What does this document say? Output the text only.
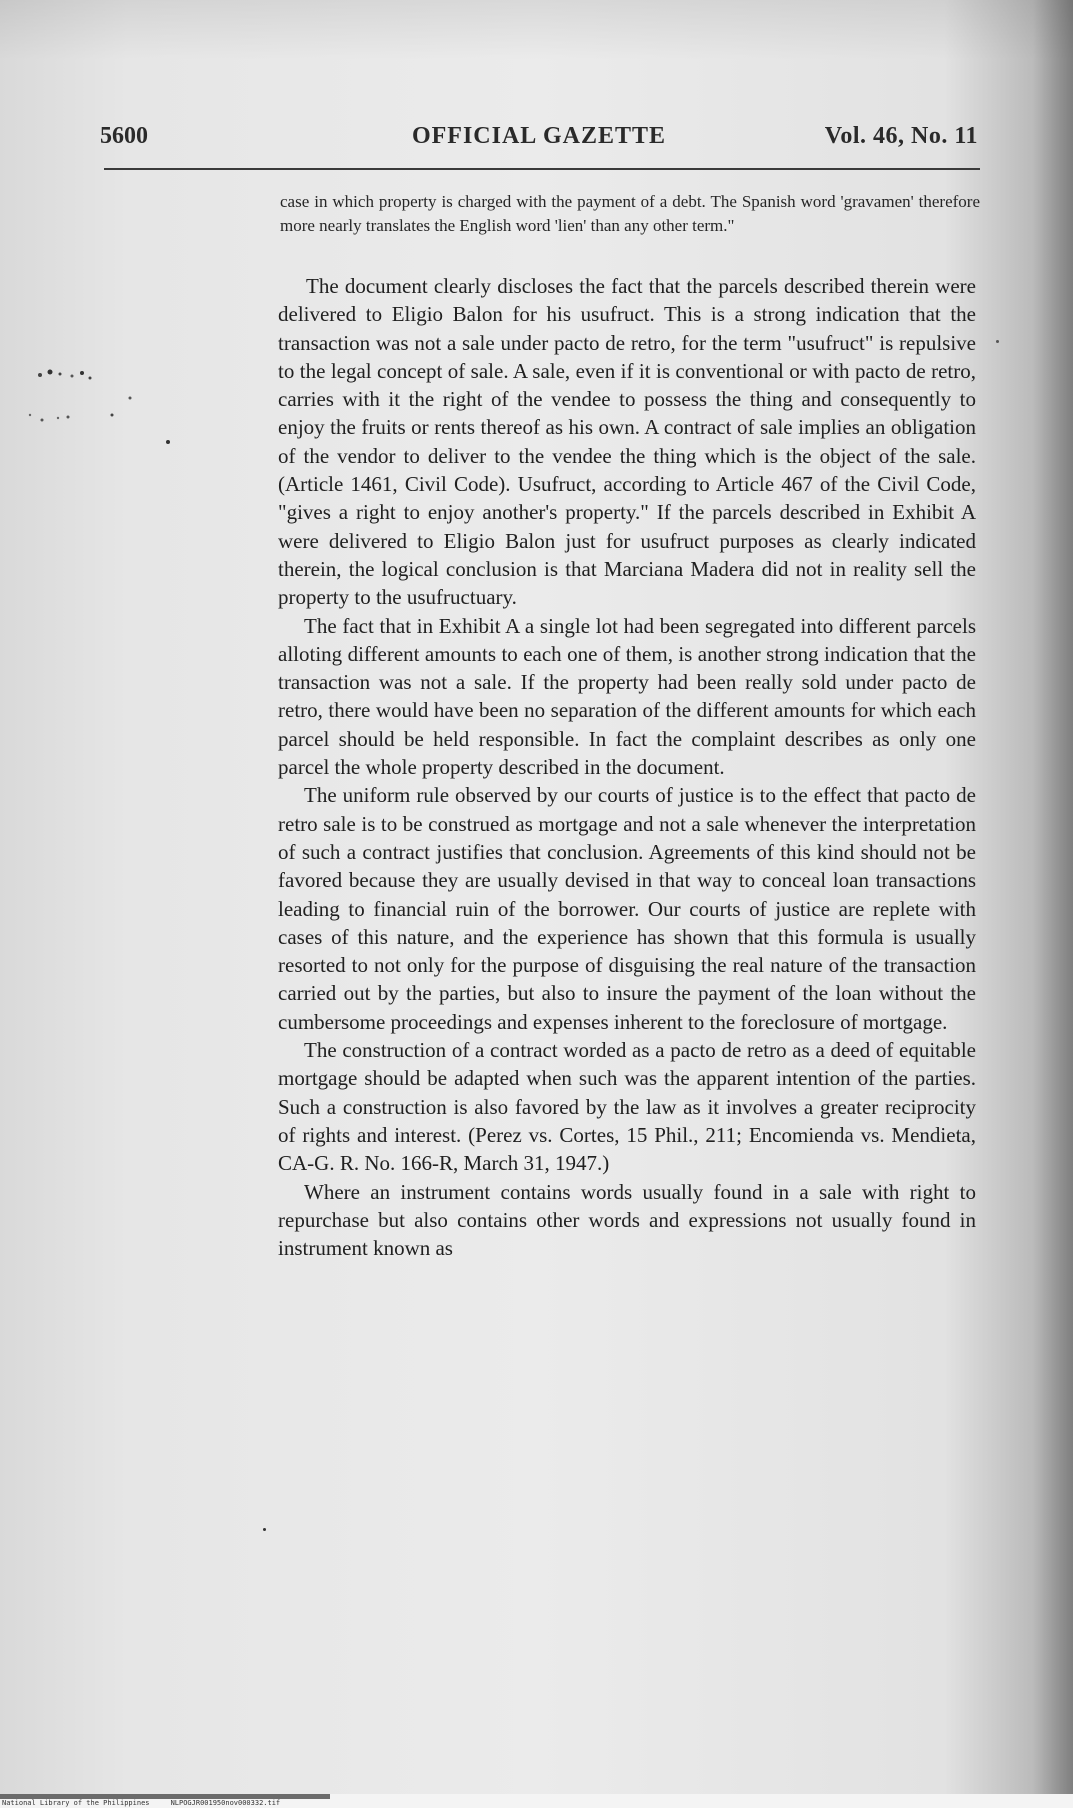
5600	OFFICIAL GAZETTE	Vol. 46, No. 11
case in which property is charged with the payment of a debt. The Spanish word 'gravamen' therefore more nearly translates the English word 'lien' than any other term."

The document clearly discloses the fact that the parcels described therein were delivered to Eligio Balon for his usufruct. This is a strong indication that the transaction was not a sale under pacto de retro, for the term "usufruct" is repulsive to the legal concept of sale. A sale, even if it is conventional or with pacto de retro, carries with it the right of the vendee to possess the thing and consequently to enjoy the fruits or rents thereof as his own. A contract of sale implies an obligation of the vendor to deliver to the vendee the thing which is the object of the sale. (Article 1461, Civil Code). Usufruct, according to Article 467 of the Civil Code, "gives a right to enjoy another's property." If the parcels described in Exhibit A were delivered to Eligio Balon just for usufruct purposes as clearly indicated therein, the logical conclusion is that Marciana Madera did not in reality sell the property to the usufructuary.

The fact that in Exhibit A a single lot had been segregated into different parcels alloting different amounts to each one of them, is another strong indication that the transaction was not a sale. If the property had been really sold under pacto de retro, there would have been no separation of the different amounts for which each parcel should be held responsible. In fact the complaint describes as only one parcel the whole property described in the document.

The uniform rule observed by our courts of justice is to the effect that pacto de retro sale is to be construed as mortgage and not a sale whenever the interpretation of such a contract justifies that conclusion. Agreements of this kind should not be favored because they are usually devised in that way to conceal loan transactions leading to financial ruin of the borrower. Our courts of justice are replete with cases of this nature, and the experience has shown that this formula is usually resorted to not only for the purpose of disguising the real nature of the transaction carried out by the parties, but also to insure the payment of the loan without the cumbersome proceedings and expenses inherent to the foreclosure of mortgage.

The construction of a contract worded as a pacto de retro as a deed of equitable mortgage should be adapted when such was the apparent intention of the parties. Such a construction is also favored by the law as it involves a greater reciprocity of rights and interest. (Perez vs. Cortes, 15 Phil., 211; Encomienda vs. Mendieta, CA-G. R. No. 166-R, March 31, 1947.)

Where an instrument contains words usually found in a sale with right to repurchase but also contains other words and expressions not usually found in instrument known as

National Library of the Philippines     NLPOGJR001950nov000332.tif
